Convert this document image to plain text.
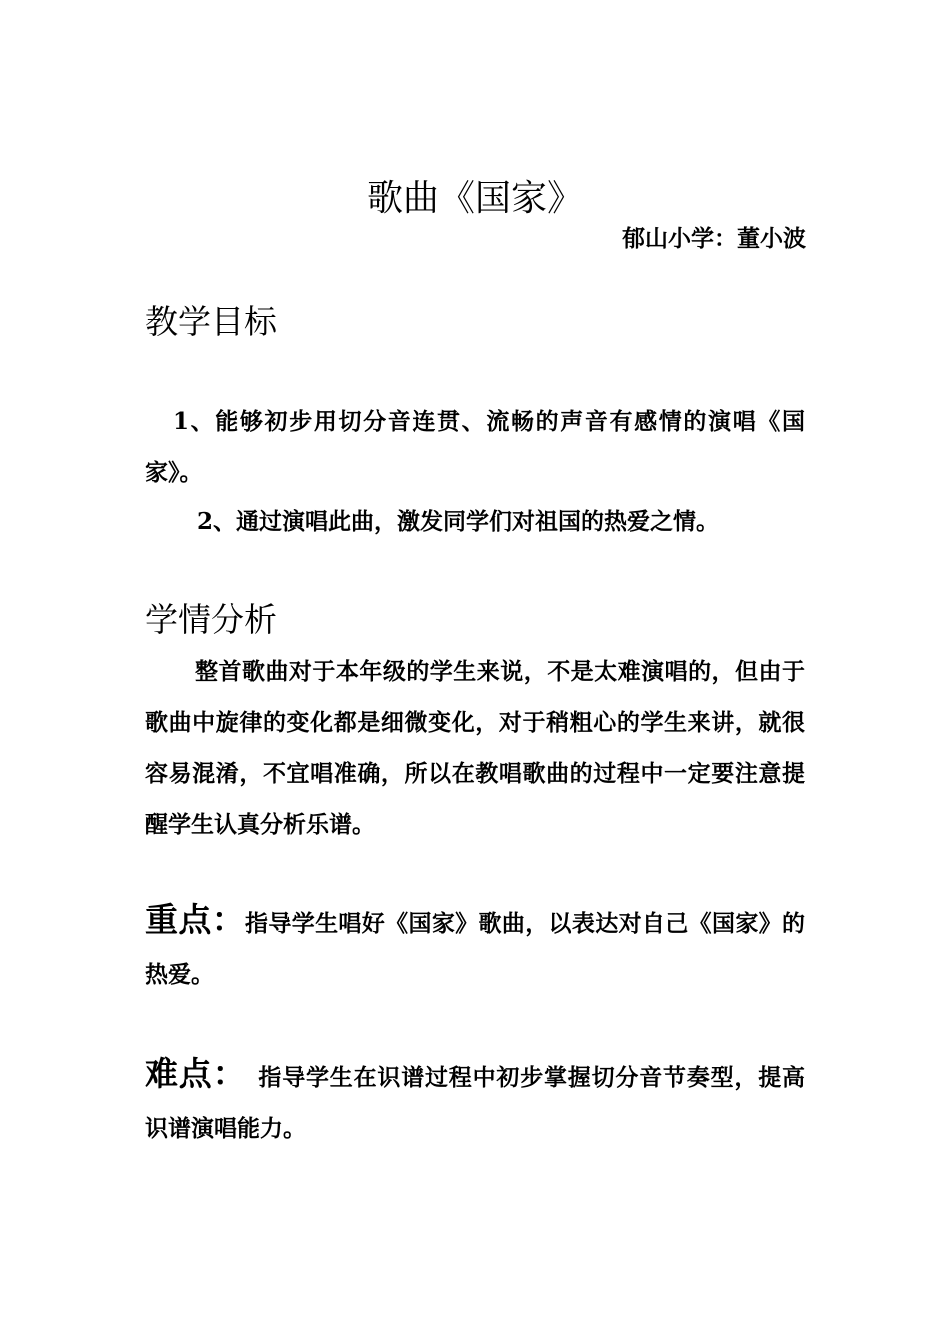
歌曲《国家》
郁山小学：董小波
教学目标
1、能够初步用切分音连贯、流畅的声音有感情的演唱《国家》。
2、通过演唱此曲，激发同学们对祖国的热爱之情。
学情分析
整首歌曲对于本年级的学生来说，不是太难演唱的，但由于歌曲中旋律的变化都是细微变化，对于稍粗心的学生来讲，就很容易混淆，不宜唱准确，所以在教唱歌曲的过程中一定要注意提醒学生认真分析乐谱。
重点：指导学生唱好《国家》歌曲，以表达对自己《国家》的热爱。
难点： 指导学生在识谱过程中初步掌握切分音节奏型，提高识谱演唱能力。
